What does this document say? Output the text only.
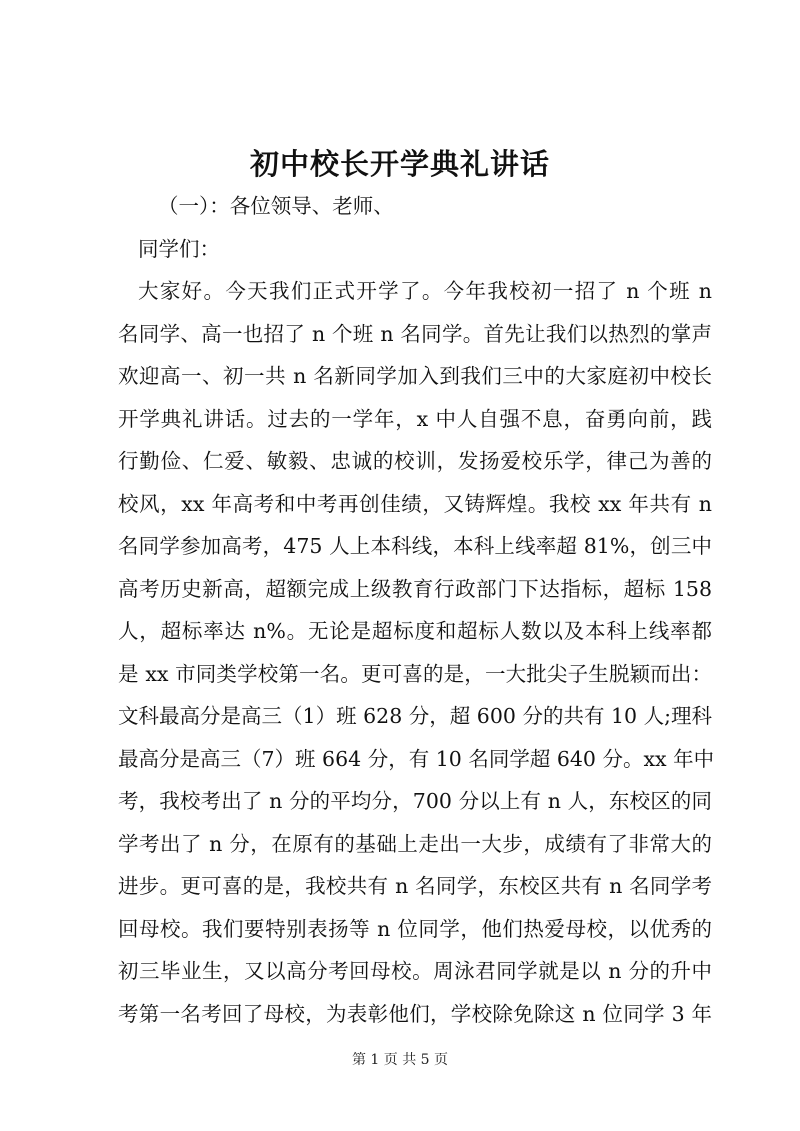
初中校长开学典礼讲话
（一）：各位领导、老师、
同学们：
大家好。今天我们正式开学了。今年我校初一招了 n 个班 n
名同学、高一也招了 n 个班 n 名同学。首先让我们以热烈的掌声
欢迎高一、初一共 n 名新同学加入到我们三中的大家庭初中校长
开学典礼讲话。过去的一学年，x 中人自强不息，奋勇向前，践
行勤俭、仁爱、敏毅、忠诚的校训，发扬爱校乐学，律己为善的
校风，xx 年高考和中考再创佳绩，又铸辉煌。我校 xx 年共有 n
名同学参加高考，475 人上本科线，本科上线率超 81%，创三中
高考历史新高，超额完成上级教育行政部门下达指标，超标 158
人，超标率达 n%。无论是超标度和超标人数以及本科上线率都
是 xx 市同类学校第一名。更可喜的是，一大批尖子生脱颖而出：
文科最高分是高三（1）班 628 分，超 600 分的共有 10 人;理科
最高分是高三（7）班 664 分，有 10 名同学超 640 分。xx 年中
考，我校考出了 n 分的平均分，700 分以上有 n 人，东校区的同
学考出了 n 分，在原有的基础上走出一大步，成绩有了非常大的
进步。更可喜的是，我校共有 n 名同学，东校区共有 n 名同学考
回母校。我们要特别表扬等 n 位同学，他们热爱母校，以优秀的
初三毕业生，又以高分考回母校。周泳君同学就是以 n 分的升中
考第一名考回了母校，为表彰他们，学校除免除这 n 位同学 3 年
第 1 页 共 5 页
